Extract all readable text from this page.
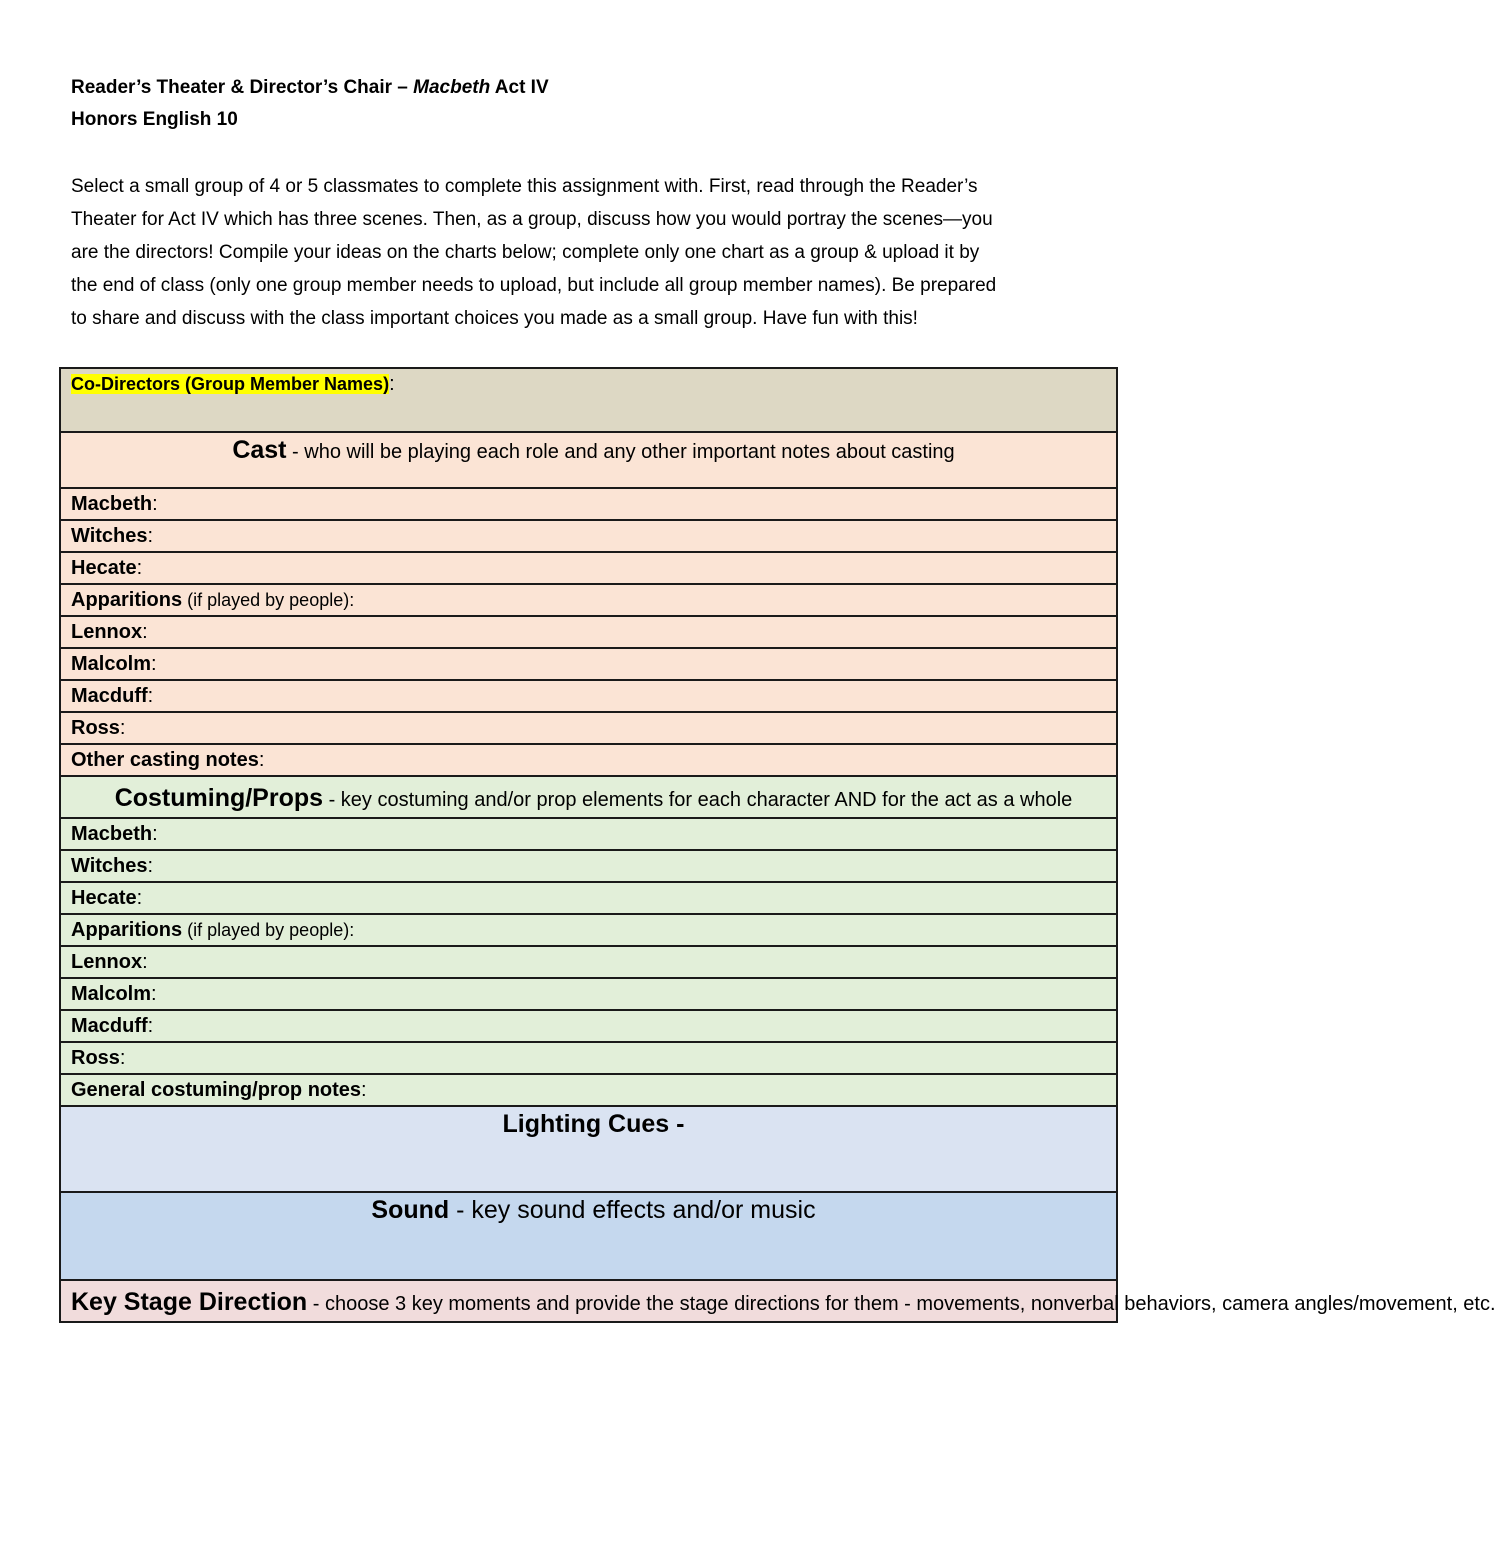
Reader’s Theater & Director’s Chair – Macbeth Act IV
Honors English 10
Select a small group of 4 or 5 classmates to complete this assignment with. First, read through the Reader’s
Theater for Act IV which has three scenes. Then, as a group, discuss how you would portray the scenes—you
are the directors! Compile your ideas on the charts below; complete only one chart as a group & upload it by
the end of class (only one group member needs to upload, but include all group member names). Be prepared
to share and discuss with the class important choices you made as a small group. Have fun with this!
Co-Directors (Group Member Names):
Cast - who will be playing each role and any other important notes about casting
Macbeth:
Witches:
Hecate:
Apparitions (if played by people):
Lennox:
Malcolm:
Macduff:
Ross:
Other casting notes:
Costuming/Props - key costuming and/or prop elements for each character AND for the act as a whole
Macbeth:
Witches:
Hecate:
Apparitions (if played by people):
Lennox:
Malcolm:
Macduff:
Ross:
General costuming/prop notes:
Lighting Cues -
Sound - key sound effects and/or music
Key Stage Direction - choose 3 key moments and provide the stage directions for them - movements, nonverbal behaviors, camera angles/movement, etc.
